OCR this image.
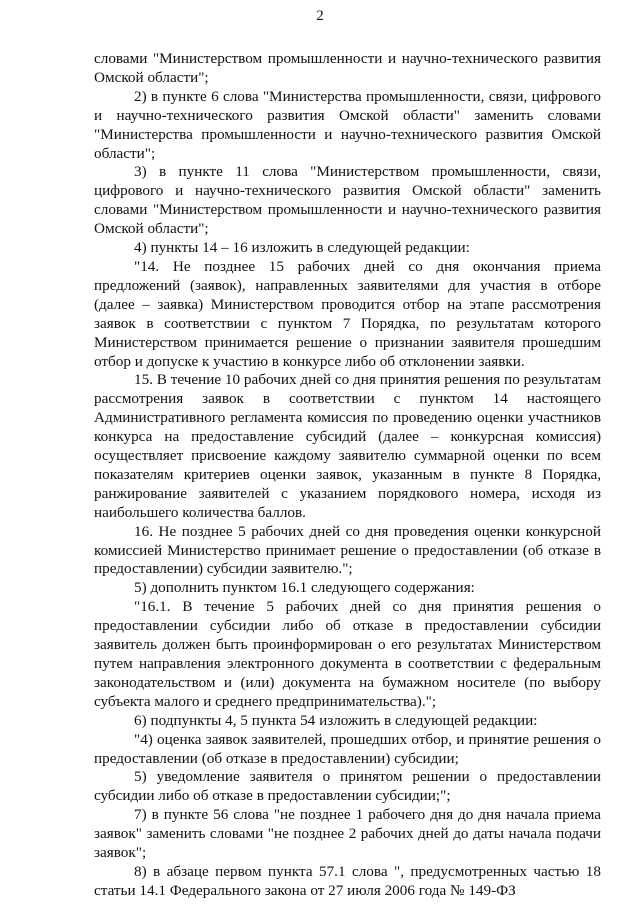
2

словами "Министерством промышленности и научно-технического развития Омской области";

2) в пункте 6 слова "Министерства промышленности, связи, цифрового и научно-технического развития Омской области" заменить словами "Министерства промышленности и научно-технического развития Омской области";

3) в пункте 11 слова "Министерством промышленности, связи, цифрового и научно-технического развития Омской области" заменить словами "Министерством промышленности и научно-технического развития Омской области";

4) пункты 14 – 16 изложить в следующей редакции:

"14. Не позднее 15 рабочих дней со дня окончания приема предложений (заявок), направленных заявителями для участия в отборе (далее – заявка) Министерством проводится отбор на этапе рассмотрения заявок в соответствии с пунктом 7 Порядка, по результатам которого Министерством принимается решение о признании заявителя прошедшим отбор и допуске к участию в конкурсе либо об отклонении заявки.

15. В течение 10 рабочих дней со дня принятия решения по результатам рассмотрения заявок в соответствии с пунктом 14 настоящего Административного регламента комиссия по проведению оценки участников конкурса на предоставление субсидий (далее – конкурсная комиссия) осуществляет присвоение каждому заявителю суммарной оценки по всем показателям критериев оценки заявок, указанным в пункте 8 Порядка, ранжирование заявителей с указанием порядкового номера, исходя из наибольшего количества баллов.

16. Не позднее 5 рабочих дней со дня проведения оценки конкурсной комиссией Министерство принимает решение о предоставлении (об отказе в предоставлении) субсидии заявителю.";

5) дополнить пунктом 16.1 следующего содержания:

"16.1. В течение 5 рабочих дней со дня принятия решения о предоставлении субсидии либо об отказе в предоставлении субсидии заявитель должен быть проинформирован о его результатах Министерством путем направления электронного документа в соответствии с федеральным законодательством и (или) документа на бумажном носителе (по выбору субъекта малого и среднего предпринимательства).";

6) подпункты 4, 5 пункта 54 изложить в следующей редакции:

"4) оценка заявок заявителей, прошедших отбор, и принятие решения о предоставлении (об отказе в предоставлении) субсидии;

5) уведомление заявителя о принятом решении о предоставлении субсидии либо об отказе в предоставлении субсидии;";

7) в пункте 56 слова "не позднее 1 рабочего дня до дня начала приема заявок" заменить словами "не позднее 2 рабочих дней до даты начала подачи заявок";

8) в абзаце первом пункта 57.1 слова ", предусмотренных частью 18 статьи 14.1 Федерального закона от 27 июля 2006 года № 149-ФЗ
